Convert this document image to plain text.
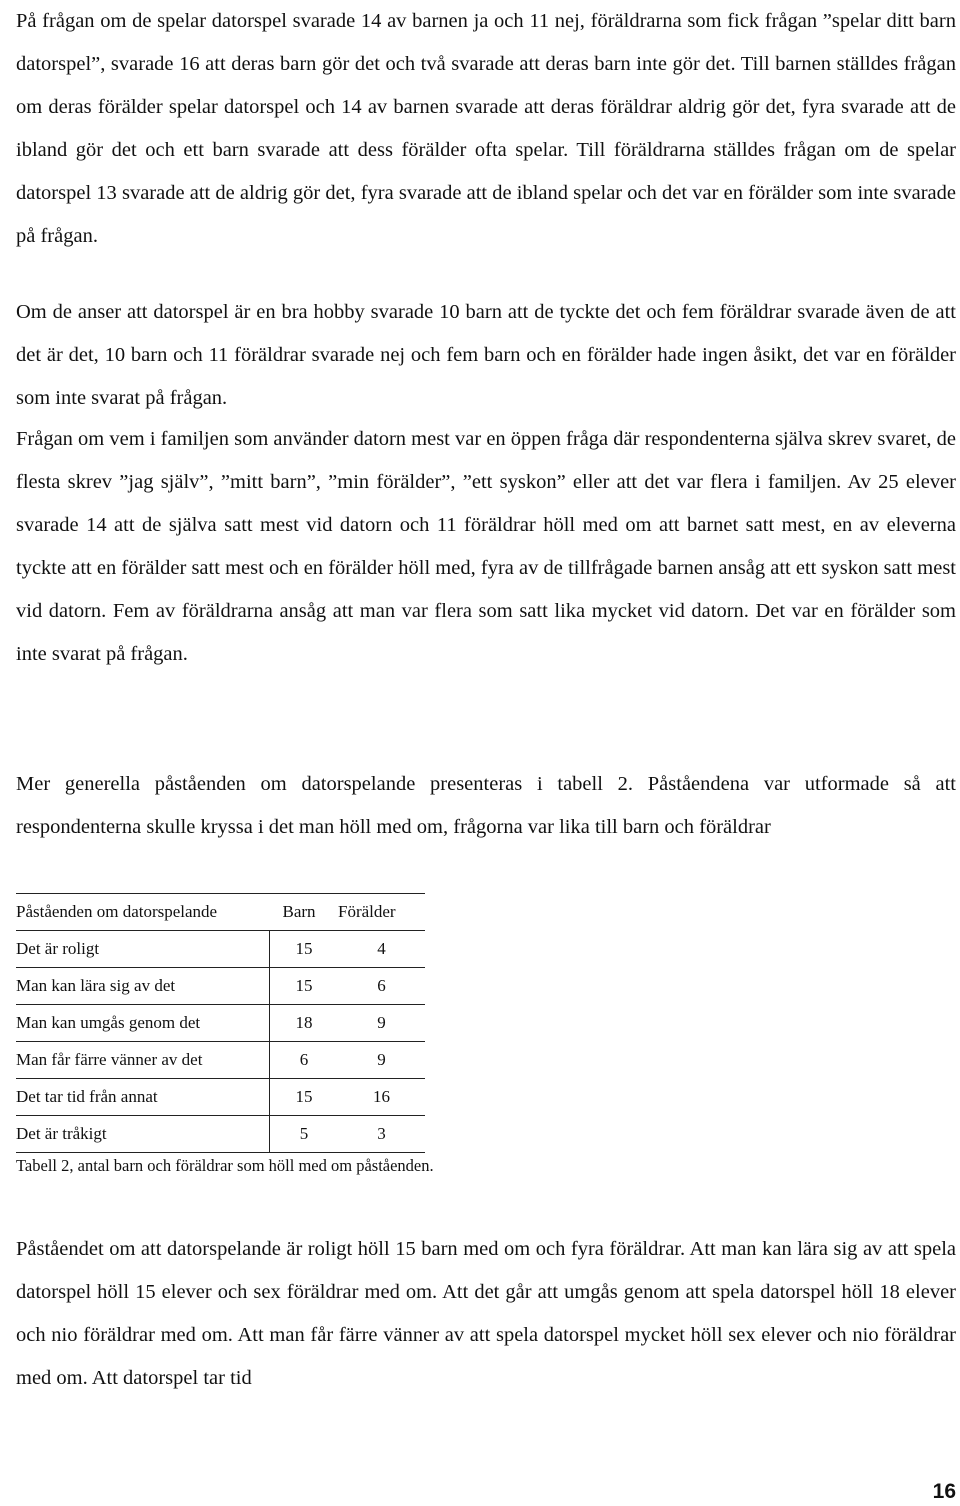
På frågan om de spelar datorspel svarade 14 av barnen ja och 11 nej, föräldrarna som fick frågan ”spelar ditt barn datorspel”, svarade 16 att deras barn gör det och två svarade att deras barn inte gör det. Till barnen ställdes frågan om deras förälder spelar datorspel och 14 av barnen svarade att deras föräldrar aldrig gör det, fyra svarade att de ibland gör det och ett barn svarade att dess förälder ofta spelar. Till föräldrarna ställdes frågan om de spelar datorspel 13 svarade att de aldrig gör det, fyra svarade att de ibland spelar och det var en förälder som inte svarade på frågan.

Om de anser att datorspel är en bra hobby svarade 10 barn att de tyckte det och fem föräldrar svarade även de att det är det, 10 barn och 11 föräldrar svarade nej och fem barn och en förälder hade ingen åsikt, det var en förälder som inte svarat på frågan.

Frågan om vem i familjen som använder datorn mest var en öppen fråga där respondenterna själva skrev svaret, de flesta skrev ”jag själv”, ”mitt barn”, ”min förälder”, ”ett syskon” eller att det var flera i familjen. Av 25 elever svarade 14 att de själva satt mest vid datorn och 11 föräldrar höll med om att barnet satt mest, en av eleverna tyckte att en förälder satt mest och en förälder höll med, fyra av de tillfrågade barnen ansåg att ett syskon satt mest vid datorn. Fem av föräldrarna ansåg att man var flera som satt lika mycket vid datorn. Det var en förälder som inte svarat på frågan.

Mer generella påståenden om datorspelande presenteras i tabell 2. Påståendena var utformade så att respondenterna skulle kryssa i det man höll med om, frågorna var lika till barn och föräldrar

Påståenden om datorspelande	Barn	Förälder
Det är roligt	15	4
Man kan lära sig av det	15	6
Man kan umgås genom det	18	9
Man får färre vänner av det	6	9
Det tar tid från annat	15	16
Det är tråkigt	5	3

Tabell 2, antal barn och föräldrar som höll med om påståenden.

Påståendet om att datorspelande är roligt höll 15 barn med om och fyra föräldrar. Att man kan lära sig av att spela datorspel höll 15 elever och sex föräldrar med om. Att det går att umgås genom att spela datorspel höll 18 elever och nio föräldrar med om. Att man får färre vänner av att spela datorspel mycket höll sex elever och nio föräldrar med om. Att datorspel tar tid

16
